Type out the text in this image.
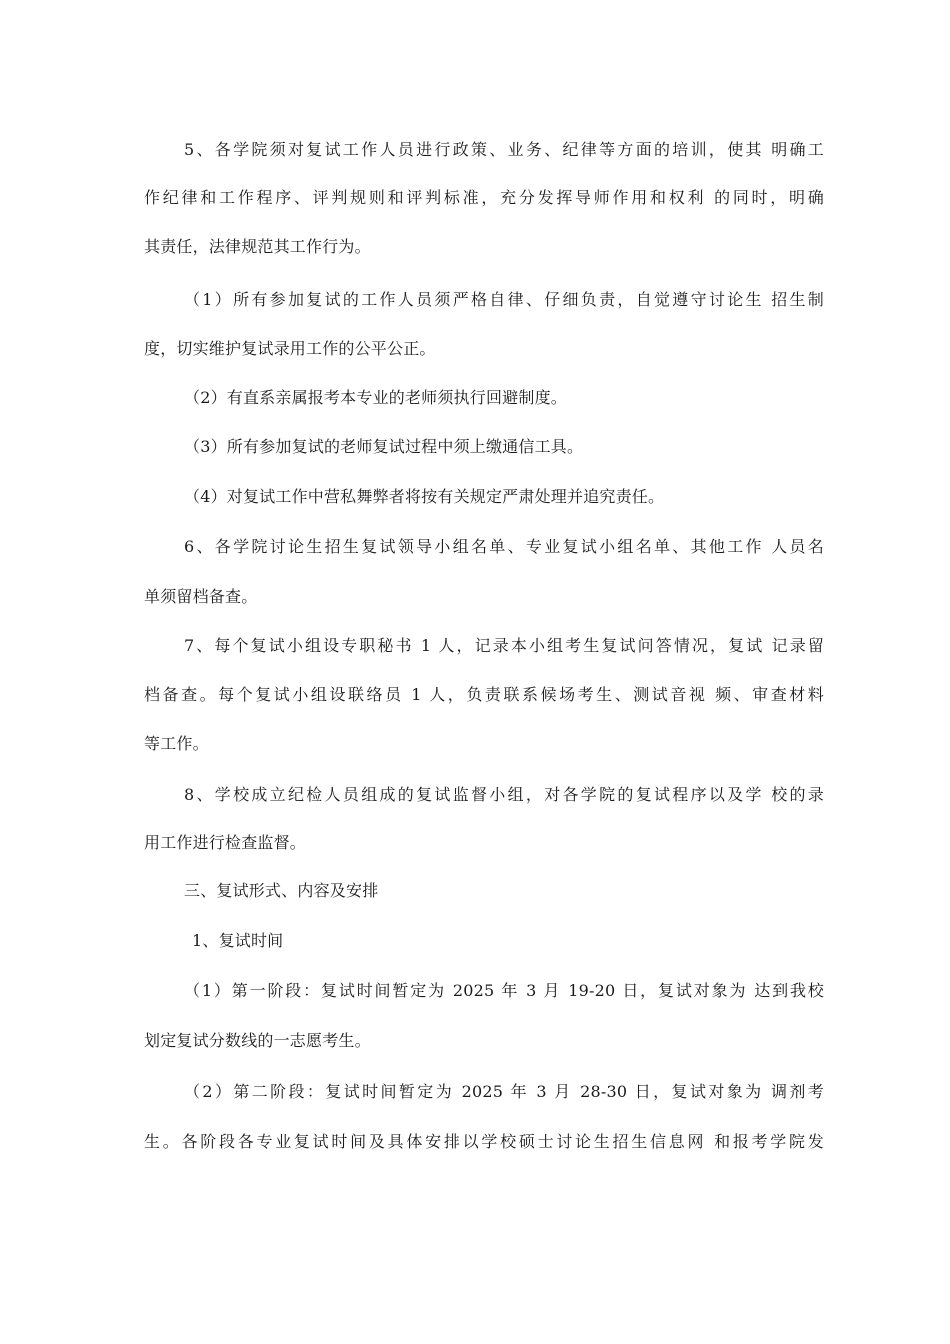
5、各学院须对复试工作人员进行政策、业务、纪律等方面的培训，使其 明确工
作纪律和工作程序、评判规则和评判标准，充分发挥导师作用和权利 的同时，明确
其责任，法律规范其工作行为。
（1）所有参加复试的工作人员须严格自律、仔细负责，自觉遵守讨论生 招生制
度，切实维护复试录用工作的公平公正。
（2）有直系亲属报考本专业的老师须执行回避制度。
（3）所有参加复试的老师复试过程中须上缴通信工具。
（4）对复试工作中营私舞弊者将按有关规定严肃处理并追究责任。
6、各学院讨论生招生复试领导小组名单、专业复试小组名单、其他工作 人员名
单须留档备查。
7、每个复试小组设专职秘书 1 人，记录本小组考生复试问答情况，复试 记录留
档备查。每个复试小组设联络员 1 人，负责联系候场考生、测试音视 频、审查材料
等工作。
8、学校成立纪检人员组成的复试监督小组，对各学院的复试程序以及学 校的录
用工作进行检查监督。
三、复试形式、内容及安排
1、复试时间
（1）第一阶段：复试时间暂定为 2025 年 3 月 19-20 日，复试对象为 达到我校
划定复试分数线的一志愿考生。
（2）第二阶段：复试时间暂定为 2025 年 3 月 28-30 日，复试对象为 调剂考
生。各阶段各专业复试时间及具体安排以学校硕士讨论生招生信息网 和报考学院发
